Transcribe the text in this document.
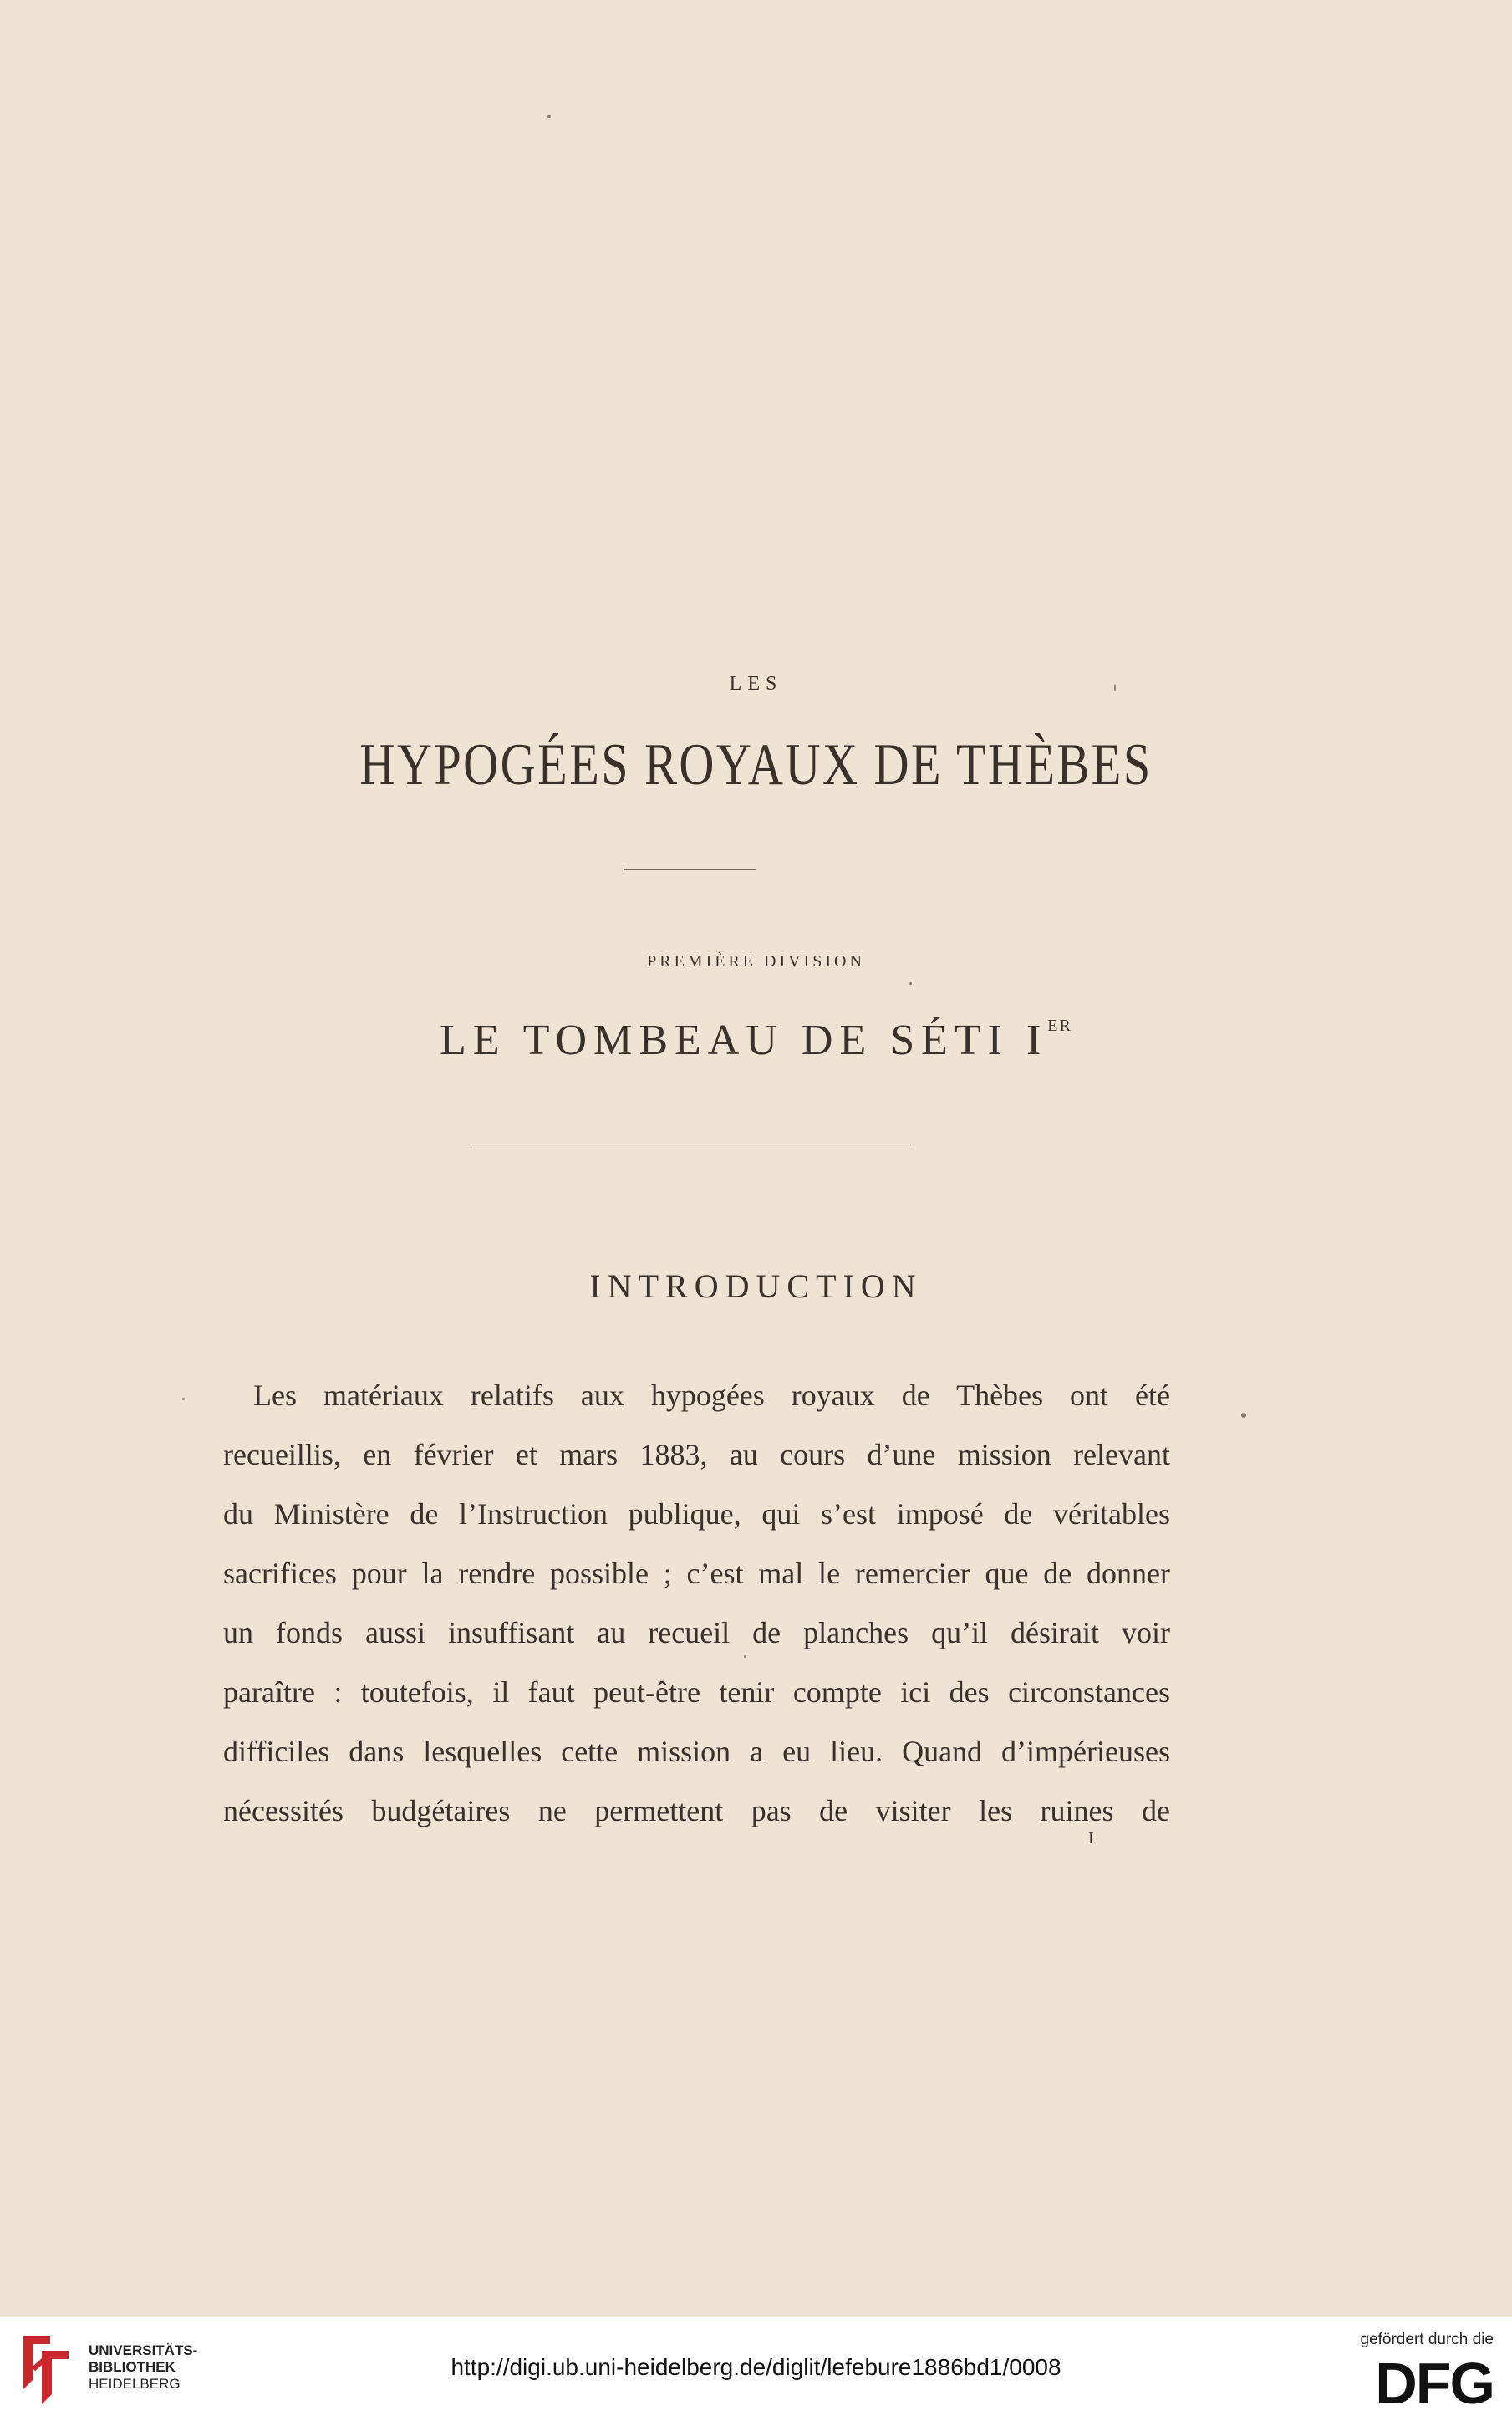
LES
HYPOGÉES ROYAUX DE THÈBES
PREMIÈRE DIVISION
LE TOMBEAU DE SÉTI IER
INTRODUCTION
Les matériaux relatifs aux hypogées royaux de Thèbes ont été
recueillis, en février et mars 1883, au cours d’une mission relevant
du Ministère de l’Instruction publique, qui s’est imposé de véritables
sacrifices pour la rendre possible ; c’est mal le remercier que de donner
un fonds aussi insuffisant au recueil de planches qu’il désirait voir
paraître : toutefois, il faut peut-être tenir compte ici des circonstances
difficiles dans lesquelles cette mission a eu lieu. Quand d’impérieuses
nécessités budgétaires ne permettent pas de visiter les ruines de
I
UNIVERSITÄTS-
BIBLIOTHEK
HEIDELBERG
http://digi.ub.uni-heidelberg.de/diglit/lefebure1886bd1/0008
gefördert durch die
DFG
